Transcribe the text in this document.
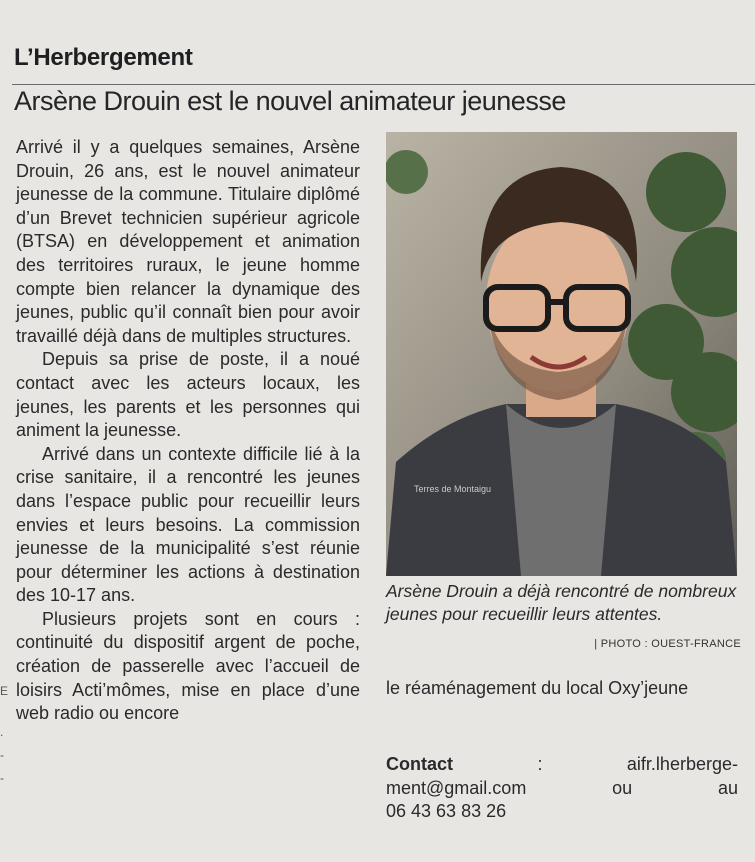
L’Herbergement
Arsène Drouin est le nouvel animateur jeunesse

Arrivé il y a quelques semaines, Arsène Drouin, 26 ans, est le nouvel animateur jeunesse de la commune. Titulaire diplômé d’un Brevet technicien supérieur agricole (BTSA) en développement et animation des territoires ruraux, le jeune homme compte bien relancer la dynamique des jeunes, public qu’il connaît bien pour avoir travaillé déjà dans de multiples structures.

Depuis sa prise de poste, il a noué contact avec les acteurs locaux, les jeunes, les parents et les personnes qui animent la jeunesse.

Arrivé dans un contexte difficile lié à la crise sanitaire, il a rencontré les jeunes dans l’espace public pour recueillir leurs envies et leurs besoins. La commission jeunesse de la municipalité s’est réunie pour déterminer les actions à destination des 10-17 ans.

Plusieurs projets sont en cours : continuité du dispositif argent de poche, création de passerelle avec l’accueil de loisirs Acti’mômes, mise en place d’une web radio ou encore

Terres de Montaigu
Arsène Drouin a déjà rencontré de nombreux jeunes pour recueillir leurs attentes.
| PHOTO : OUEST-FRANCE

le réaménagement du local Oxy’jeune

Contact	:	aifr.lherberge-
ment@gmail.com	ou	au
06 43 63 83 26
E
.
-
-
